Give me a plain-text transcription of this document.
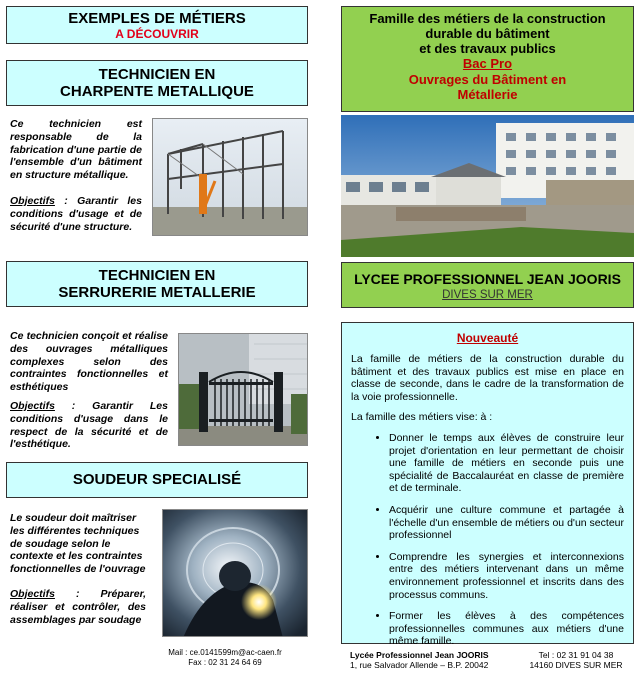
EXEMPLES DE MÉTIERS
A DÉCOUVRIR
TECHNICIEN EN
CHARPENTE METALLIQUE
Ce technicien est responsable de la fabrication d'une partie de l'ensemble d'un bâtiment en structure métallique.
Objectifs : Garantir les conditions d'usage et de sécurité d'une structure.
TECHNICIEN EN
SERRURERIE METALLERIE
Ce technicien conçoit et réalise des ouvrages métalliques complexes selon des contraintes fonctionnelles et esthétiques
Objectifs : Garantir Les conditions d'usage dans le respect de la sécurité et de l'esthétique.
SOUDEUR SPECIALISÉ
Le soudeur doit maîtriser les différentes techniques de soudage selon le contexte et les contraintes fonctionnelles de l'ouvrage
Objectifs : Préparer, réaliser et contrôler, des assemblages par soudage
Mail : ce.0141599m@ac-caen.fr
Fax : 02 31 24 64 69
Famille des métiers de la construction
durable du bâtiment
et des travaux publics
Bac Pro
Ouvrages du Bâtiment en
Métallerie
LYCEE PROFESSIONNEL JEAN JOORIS
DIVES SUR MER
Nouveauté

La famille de métiers de la construction durable du bâtiment et des travaux publics est mise en place en classe de seconde, dans le cadre de la transformation de la voie professionnelle.

La famille des métiers vise: à :

• Donner le temps aux élèves de construire leur projet d'orientation en leur permettant de choisir une famille de métiers en seconde puis une spécialité de Baccalauréat en classe de première et de terminale.
• Acquérir une culture commune et partagée à l'échelle d'un ensemble de métiers ou d'un secteur professionnel
• Comprendre les synergies et interconnexions entre des métiers intervenant dans un même environnement professionnel et inscrits dans des processus communs.
• Former les élèves à des compétences professionnelles communes aux métiers d'une même famille.
Lycée Professionnel Jean JOORIS
1, rue Salvador Allende – B.P. 20042
Tel : 02 31 91 04 38
14160 DIVES SUR MER
